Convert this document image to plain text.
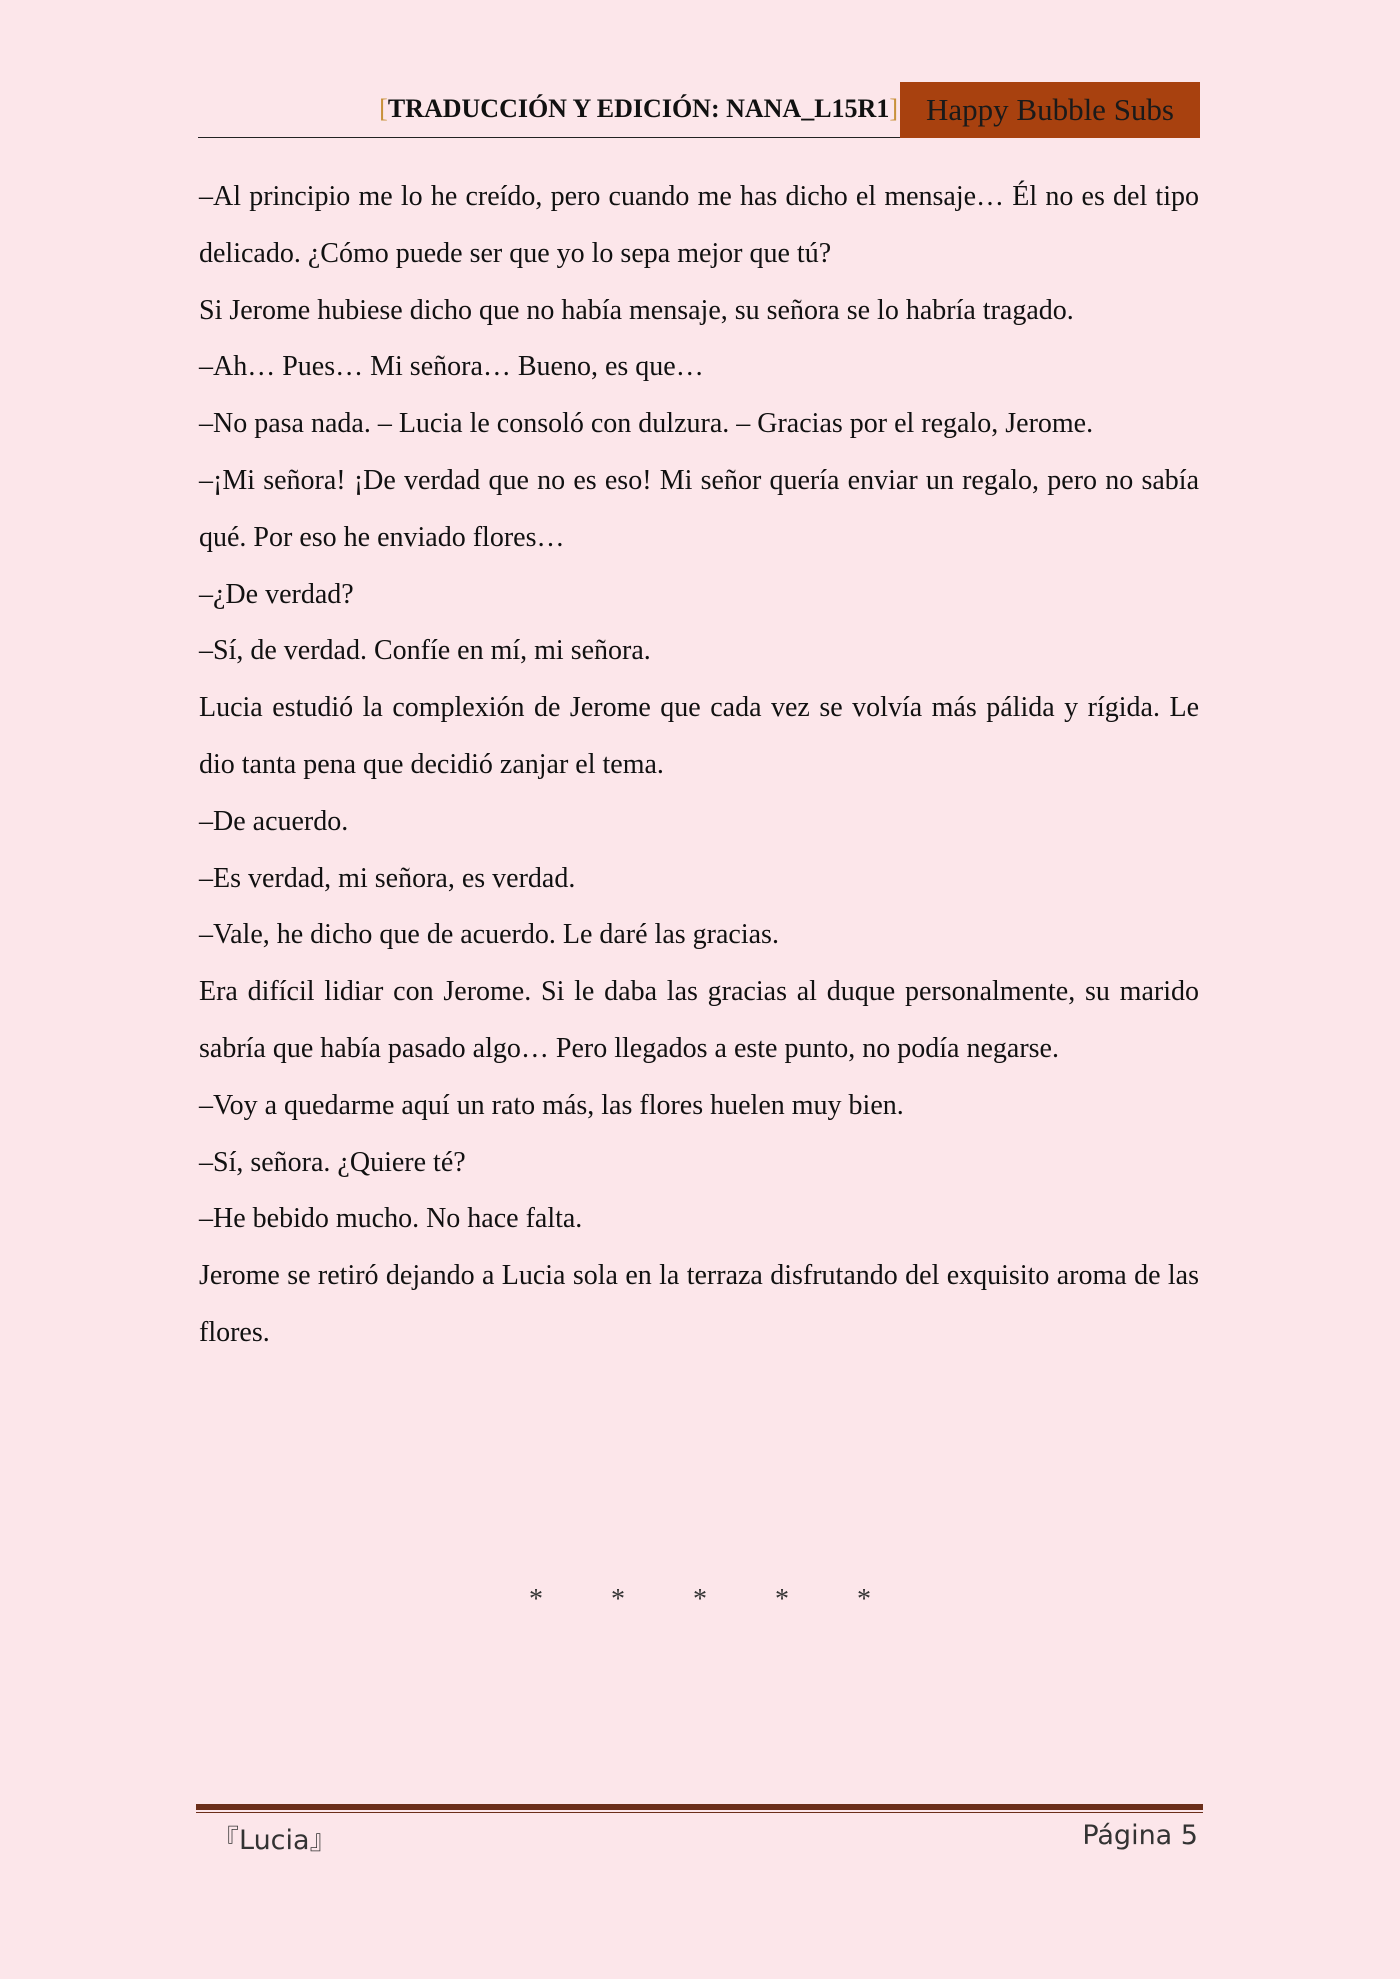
[TRADUCCIÓN Y EDICIÓN: NANA_L15R1] Happy Bubble Subs

–Al principio me lo he creído, pero cuando me has dicho el mensaje… Él no es del tipo delicado. ¿Cómo puede ser que yo lo sepa mejor que tú?

Si Jerome hubiese dicho que no había mensaje, su señora se lo habría tragado.

–Ah… Pues… Mi señora… Bueno, es que…

–No pasa nada. – Lucia le consoló con dulzura. – Gracias por el regalo, Jerome.

–¡Mi señora! ¡De verdad que no es eso! Mi señor quería enviar un regalo, pero no sabía qué. Por eso he enviado flores…

–¿De verdad?

–Sí, de verdad. Confíe en mí, mi señora.

Lucia estudió la complexión de Jerome que cada vez se volvía más pálida y rígida. Le dio tanta pena que decidió zanjar el tema.

–De acuerdo.

–Es verdad, mi señora, es verdad.

–Vale, he dicho que de acuerdo. Le daré las gracias.

Era difícil lidiar con Jerome. Si le daba las gracias al duque personalmente, su marido sabría que había pasado algo… Pero llegados a este punto, no podía negarse.

–Voy a quedarme aquí un rato más, las flores huelen muy bien.

–Sí, señora. ¿Quiere té?

–He bebido mucho. No hace falta.

Jerome se retiró dejando a Lucia sola en la terraza disfrutando del exquisito aroma de las flores.

* * * * *
『Lucia』	Página 5
